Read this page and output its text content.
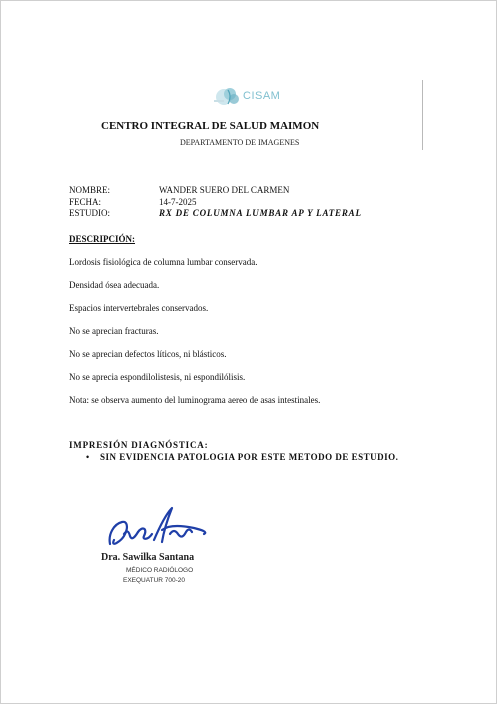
CISAM
CENTRO INTEGRAL DE SALUD MAIMON
DEPARTAMENTO DE IMAGENES
NOMBRE:	WANDER SUERO DEL CARMEN
FECHA:	14-7-2025
ESTUDIO:	RX DE COLUMNA LUMBAR AP Y LATERAL
DESCRIPCIÓN:
Lordosis fisiológica de columna lumbar conservada.
Densidad ósea adecuada.
Espacios intervertebrales conservados.
No se aprecian fracturas.
No se aprecian defectos líticos, ni blásticos.
No se aprecia espondilolistesis, ni espondilólisis.
Nota: se observa aumento del luminograma aereo de asas intestinales.
IMPRESIÓN DIAGNÓSTICA:
• SIN EVIDENCIA PATOLOGIA POR ESTE METODO DE ESTUDIO.
Dra. Sawilka Santana
MÉDICO RADIÓLOGO
EXEQUATUR 700-20
